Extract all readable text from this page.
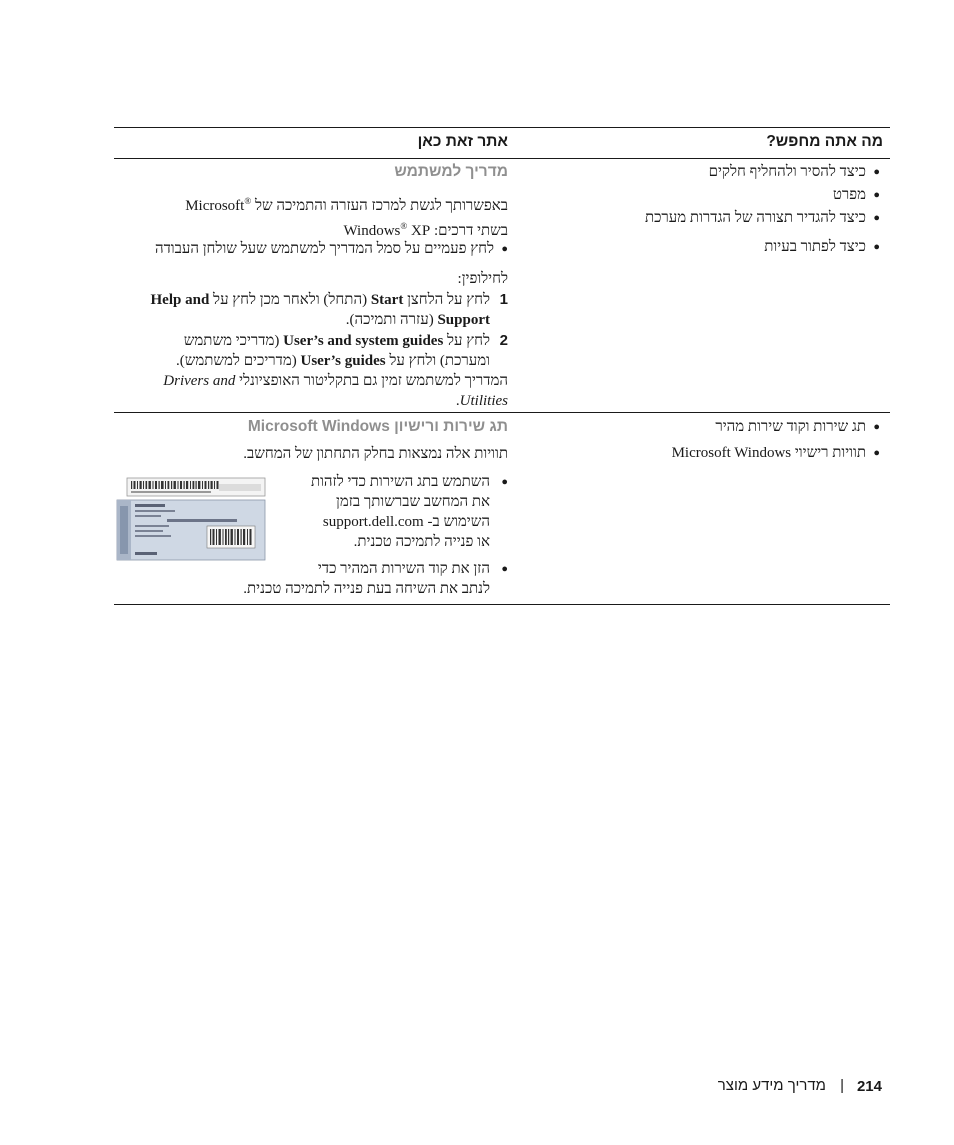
מה אתה מחפש?
אתר זאת כאן
כיצד להסיר ולהחליף חלקים ●
מפרט ●
כיצד להגדיר תצורה של הגדרות מערכת ●
כיצד לפתור בעיות ●
מדריך למשתמש
באפשרותך לגשת למרכז העזרה והתמיכה של Microsoft®
בשתי דרכים: Windows® XP
לחץ פעמיים על סמל המדריך למשתמש שעל שולחן העבודה ●
לחילופין:
1
לחץ על הלחצן Start (התחל) ולאחר מכן לחץ על Help and
Support (עזרה ותמיכה).
2
לחץ על User’s and system guides (מדריכי משתמש
ומערכת) ולחץ על User’s guides (מדריכים למשתמש).
המדריך למשתמש זמין גם בתקליטור האופציונלי Drivers and
Utilities.
תג שירות וקוד שירות מהיר ●
תוויות רישיוי Microsoft Windows ●
תג שירות ורישיון Microsoft Windows
תוויות אלה נמצאות בחלק התחתון של המחשב.
השתמש בתג השירות כדי לזהות
את המחשב שברשותך בזמן
השימוש ב- support.dell.com
או פנייה לתמיכה טכנית.
●
הזן את קוד השירות המהיר כדי
לנתב את השיחה בעת פנייה לתמיכה טכנית.
●
מדריך מידע מוצר | 214
